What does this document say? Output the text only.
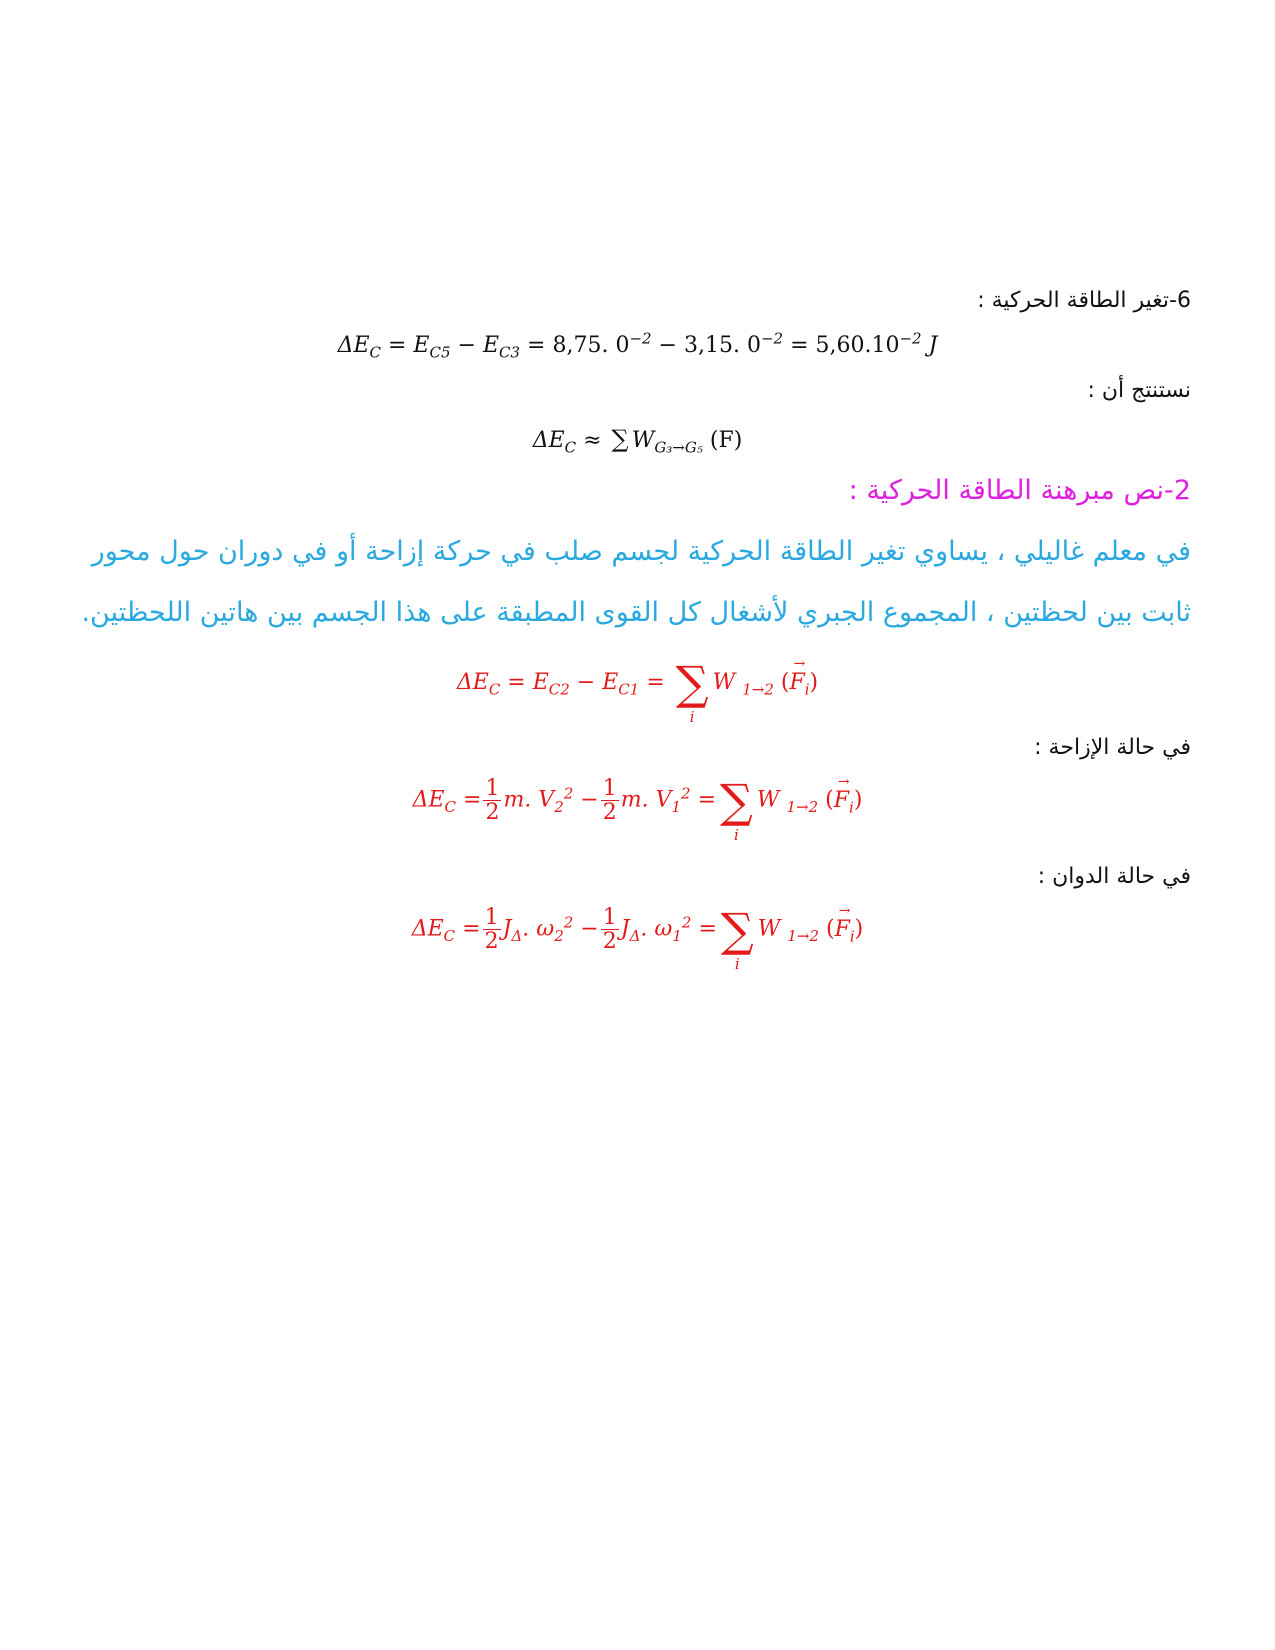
6-تغير الطاقة الحركية :
$\Delta E_C = E_{C5} - E_{C3} = 8,75$. $0^{-2} - 3,15$. $0^{-2} = 5,60.10^{-2}$ J
نستنتج أن :
$\Delta E_C$ ≈ ∑ $W_{G_3\to G_5}$ (F)
2-نص مبرهنة الطاقة الحركية :
في معلم غاليلي ، يساوي تغير الطاقة الحركية لجسم صلب في حركة إزاحة أو في دوران حول محور
ثابت بين لحظتين ، المجموع الجبري لأشغال كل القوى المطبقة على هذا الجسم بين هاتين اللحظتين.
$\Delta E_C = E_{C2} - E_{C1}$ = ∑
i
W $_{1\to 2}$ (→ $F_i$)
في حالة الإزاحة :
$\Delta E_C = \frac{1}{2} m$. $V_2^2 - \frac{1}{2} m$. $V_1^2$ =∑
i
W $_{1\to 2}$ (→ $F_i$)
في حالة الدوان :
$\Delta E_C = \frac{1}{2} J_\Delta$. $\omega_2^2 - \frac{1}{2} J_\Delta$. $\omega_1^2$ =∑
i
W $_{1\to 2}$ (→ $F_i$)
